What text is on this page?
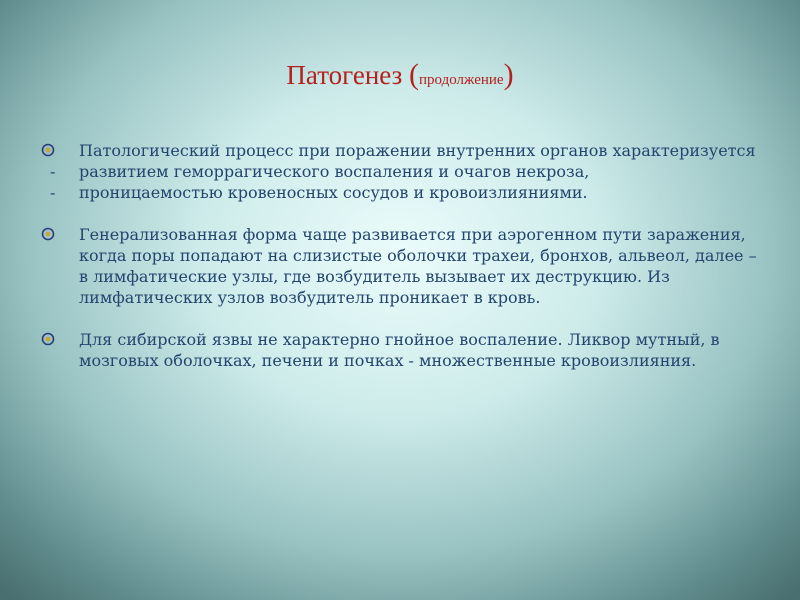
Патогенез (продолжение)
Патологический процесс при поражении внутренних органов характеризуется
- развитием геморрагического воспаления и очагов некроза,
- проницаемостью кровеносных сосудов и кровоизлияниями.
Генерализованная форма чаще развивается при аэрогенном пути заражения, когда поры попадают на слизистые оболочки трахеи, бронхов, альвеол, далее – в лимфатические узлы, где возбудитель вызывает их деструкцию. Из лимфатических узлов возбудитель проникает в кровь.
Для сибирской язвы не характерно гнойное воспаление. Ликвор мутный, в мозговых оболочках, печени и почках - множественные кровоизлияния.
